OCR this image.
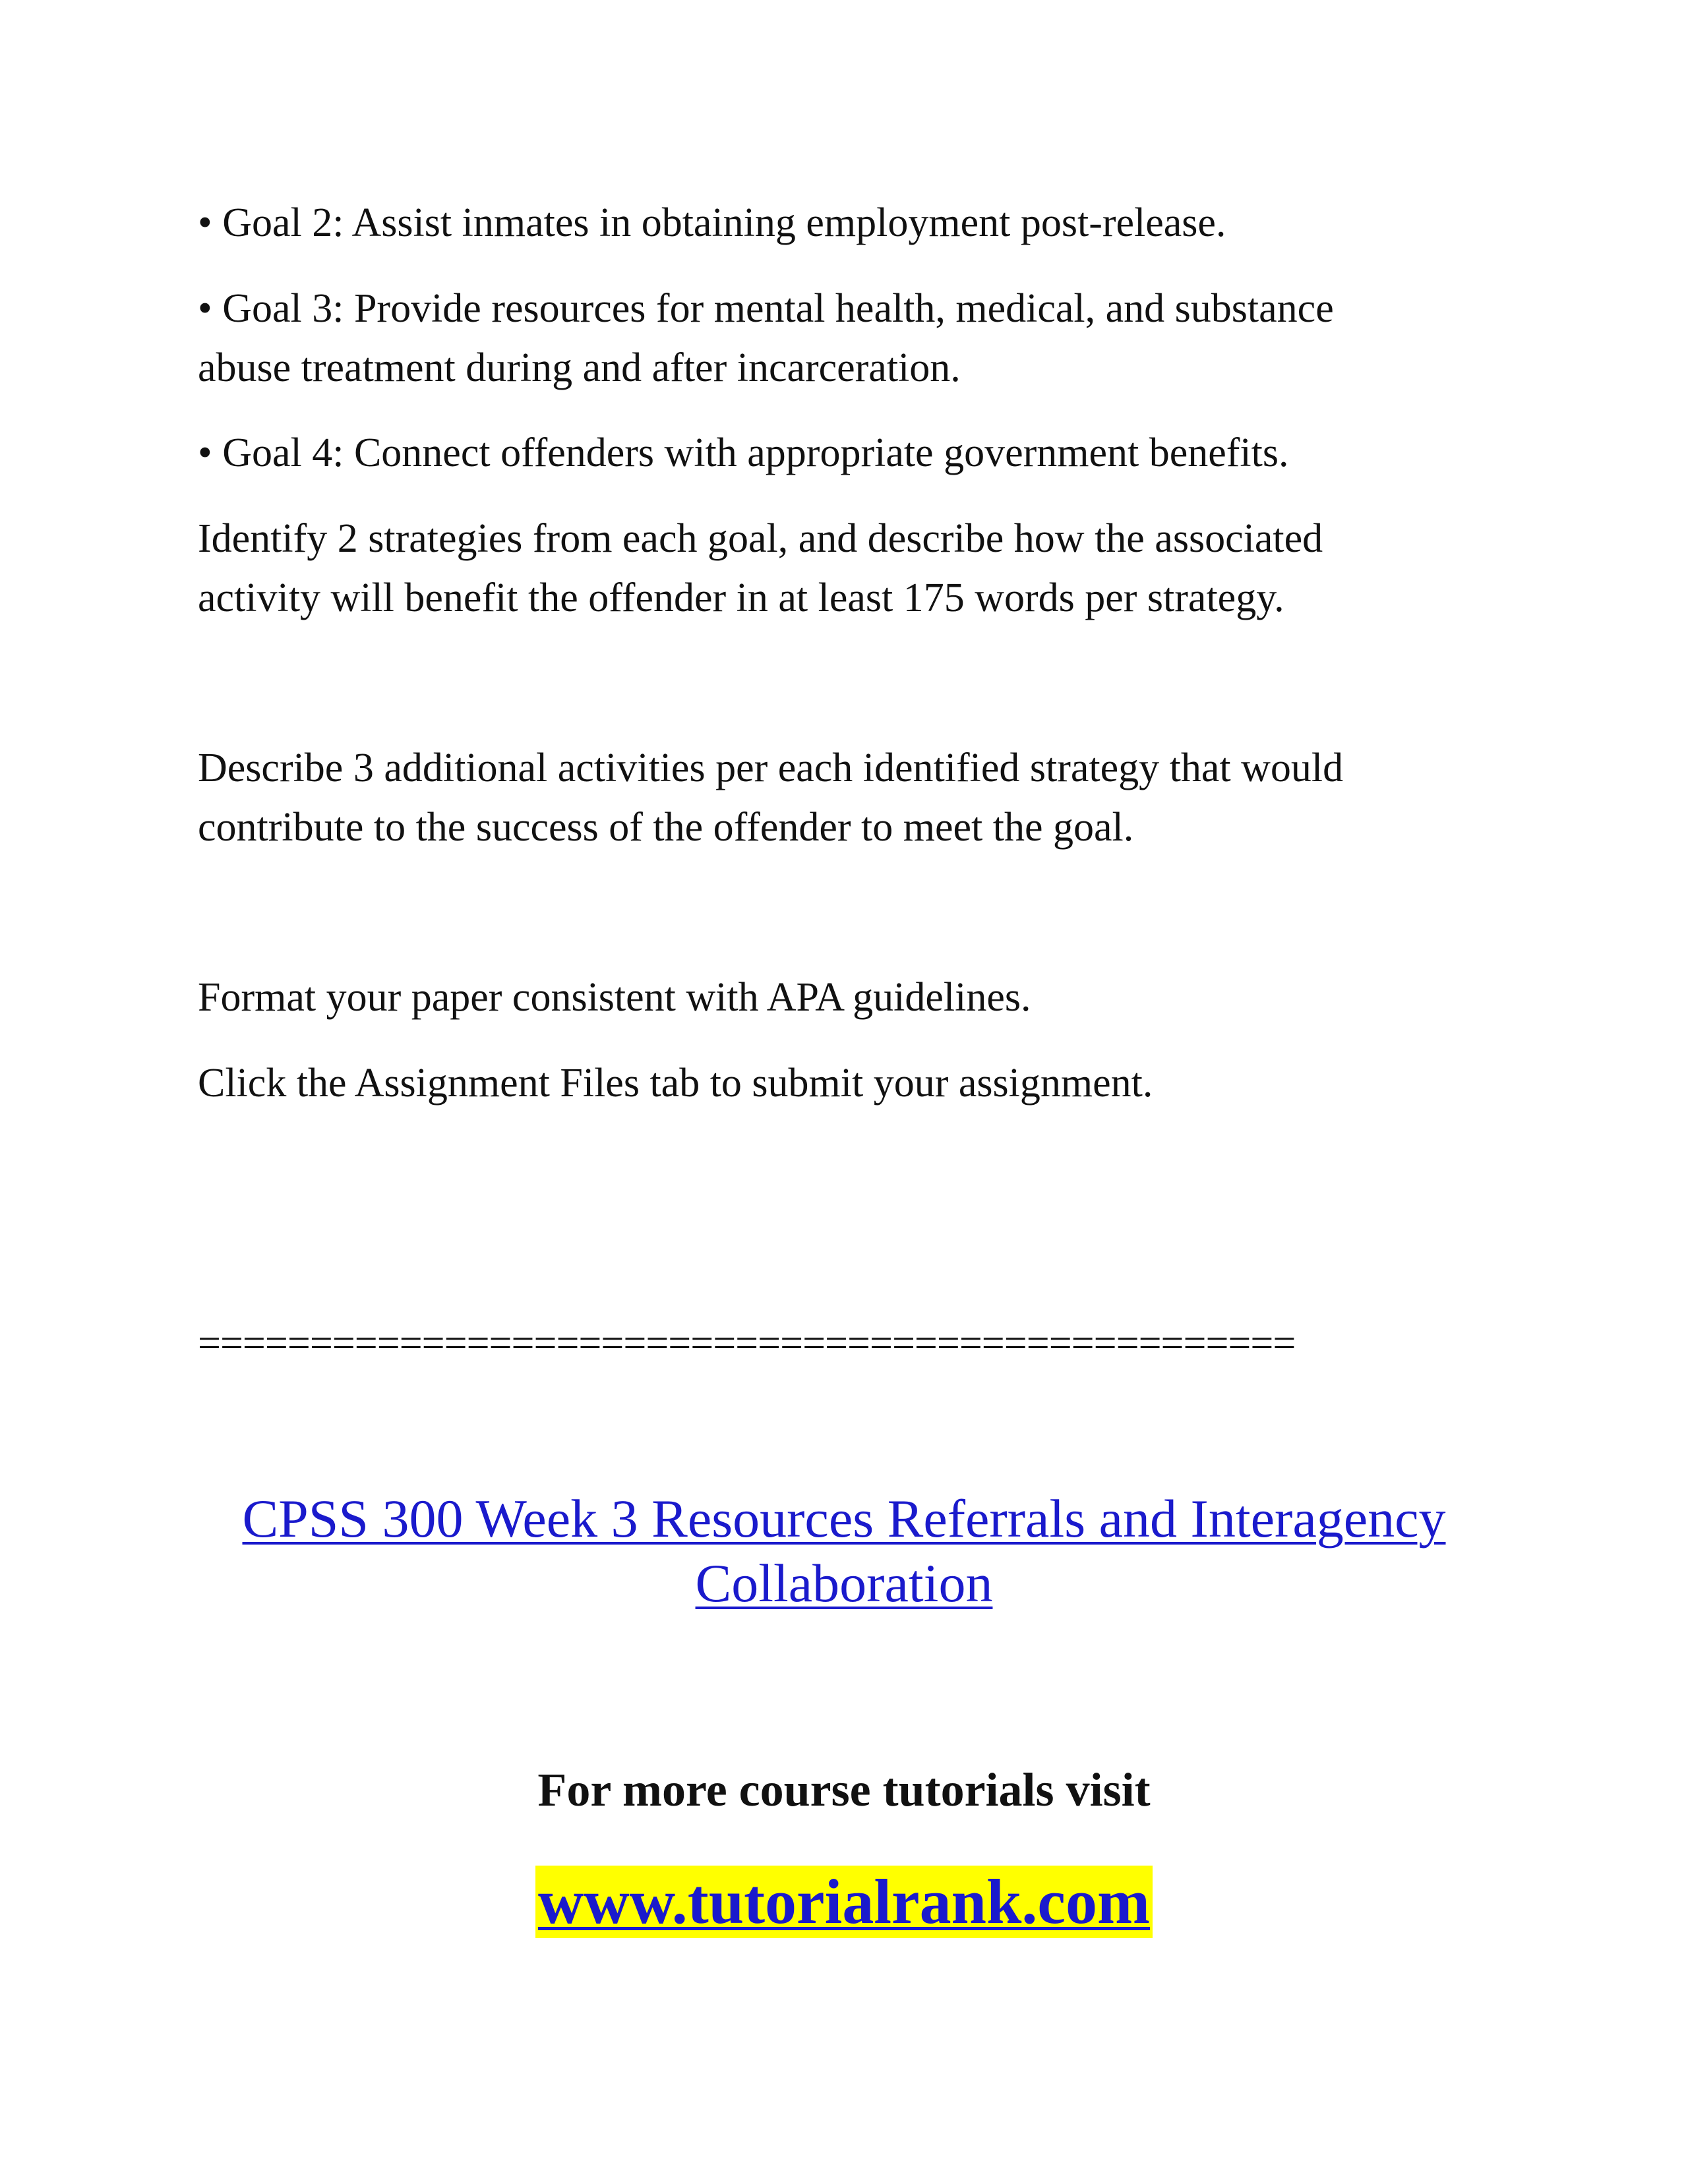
• Goal 2: Assist inmates in obtaining employment post-release.

• Goal 3: Provide resources for mental health, medical, and substance
abuse treatment during and after incarceration.

• Goal 4: Connect offenders with appropriate government benefits.

Identify 2 strategies from each goal, and describe how the associated
activity will benefit the offender in at least 175 words per strategy.

Describe 3 additional activities per each identified strategy that would
contribute to the success of the offender to meet the goal.

Format your paper consistent with APA guidelines.

Click the Assignment Files tab to submit your assignment.

=================================================

CPSS 300 Week 3 Resources Referrals and Interagency
Collaboration

For more course tutorials visit

www.tutorialrank.com
